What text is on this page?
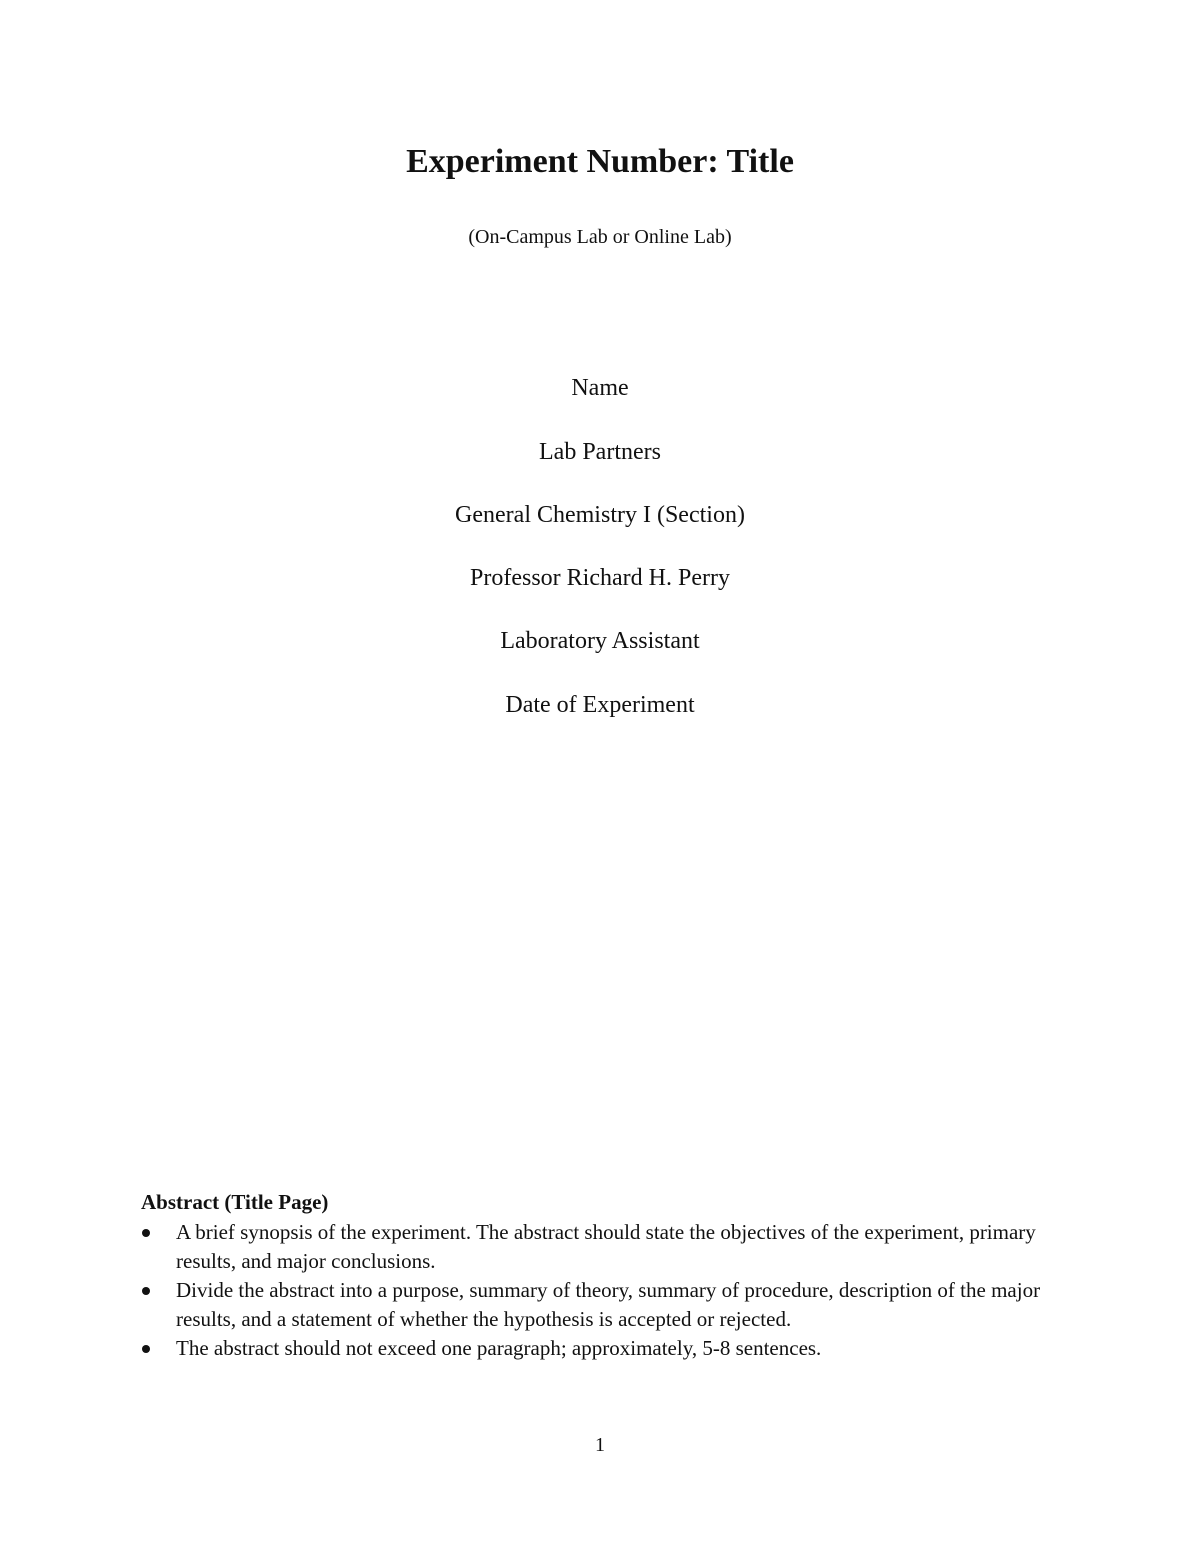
Experiment Number: Title
(On-Campus Lab or Online Lab)
Name
Lab Partners
General Chemistry I (Section)
Professor Richard H. Perry
Laboratory Assistant
Date of Experiment
Abstract (Title Page)
A brief synopsis of the experiment. The abstract should state the objectives of the experiment, primary results, and major conclusions.
Divide the abstract into a purpose, summary of theory, summary of procedure, description of the major results, and a statement of whether the hypothesis is accepted or rejected.
The abstract should not exceed one paragraph; approximately, 5-8 sentences.
1
